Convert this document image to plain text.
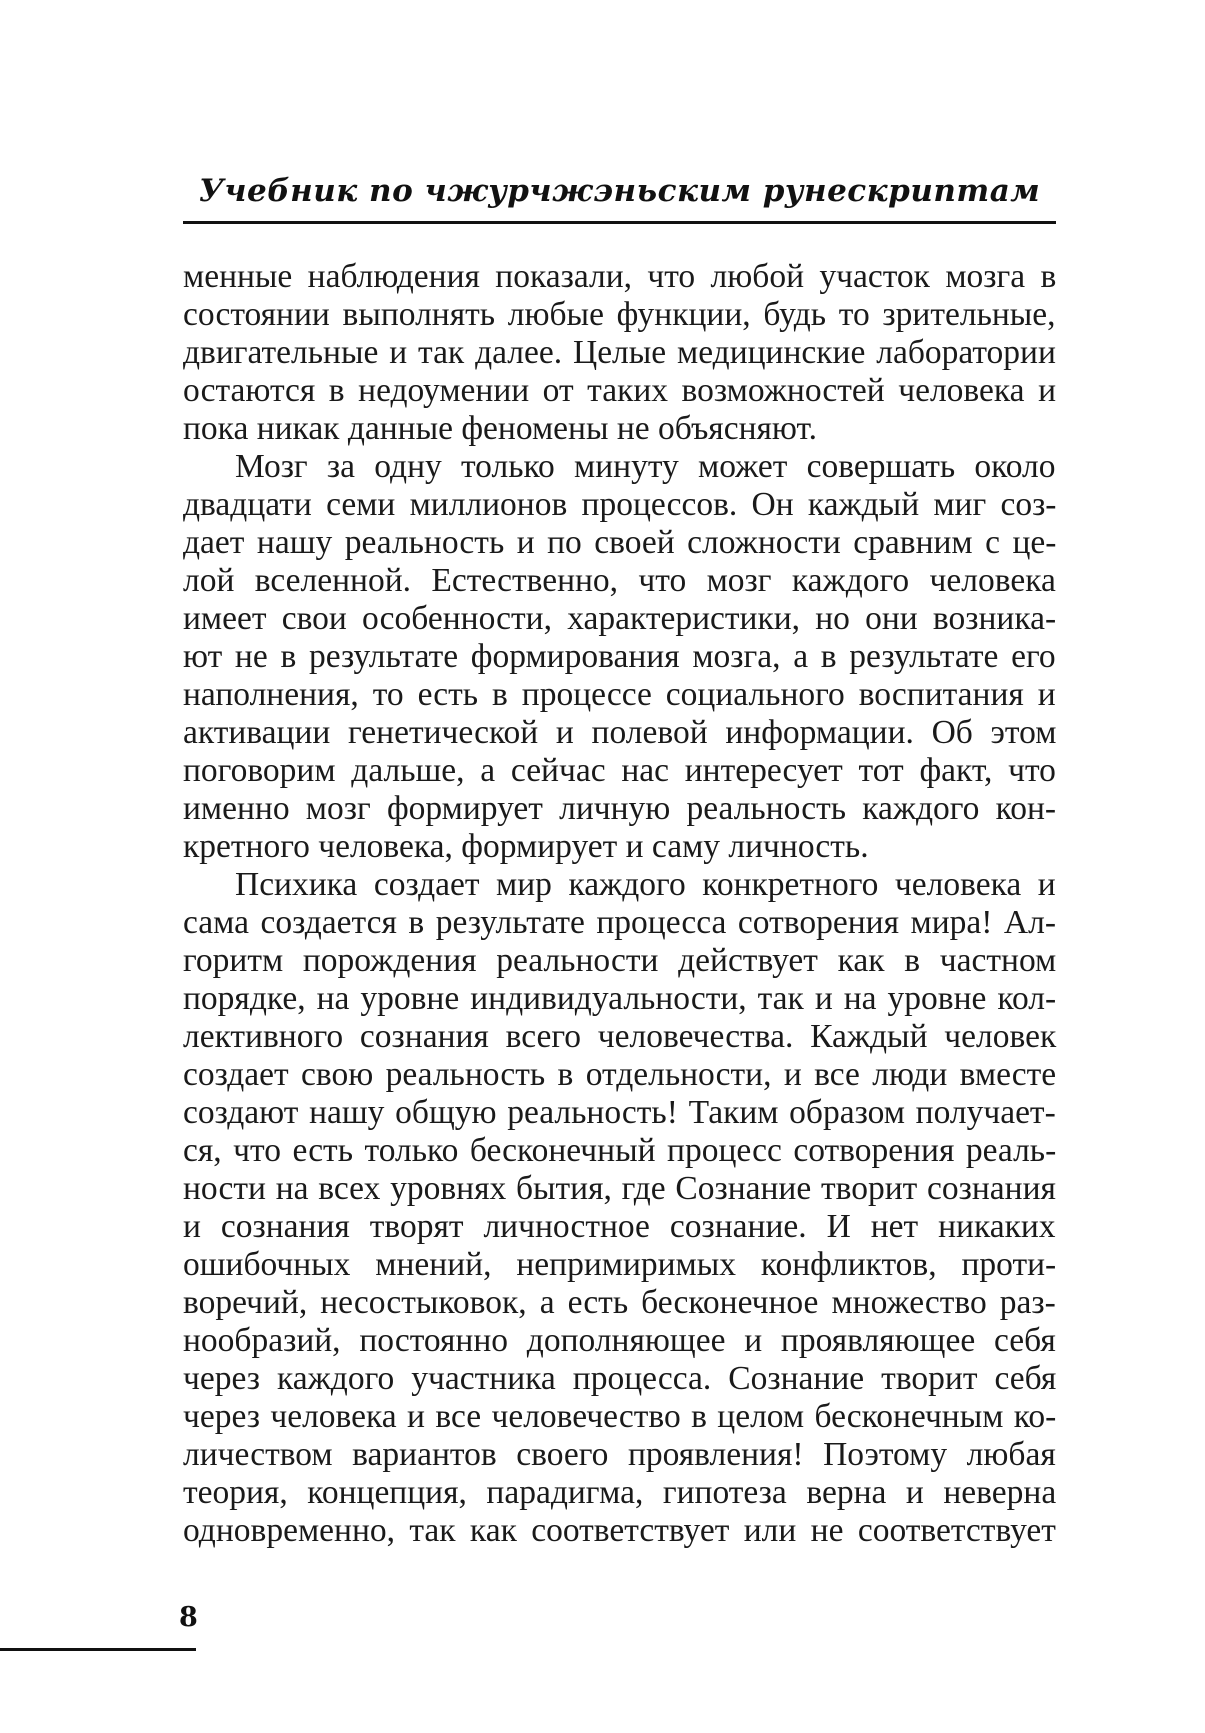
Учебник по чжурчжэньским рунескриптам
менные наблюдения показали, что любой участок мозга в
состоянии выполнять любые функции, будь то зрительные,
двигательные и так далее. Целые медицинские лаборатории
остаются в недоумении от таких возможностей человека и
пока никак данные феномены не объясняют.
Мозг за одну только минуту может совершать около
двадцати семи миллионов процессов. Он каждый миг соз-
дает нашу реальность и по своей сложности сравним с це-
лой вселенной. Естественно, что мозг каждого человека
имеет свои особенности, характеристики, но они возника-
ют не в результате формирования мозга, а в результате его
наполнения, то есть в процессе социального воспитания и
активации генетической и полевой информации. Об этом
поговорим дальше, а сейчас нас интересует тот факт, что
именно мозг формирует личную реальность каждого кон-
кретного человека, формирует и саму личность.
Психика создает мир каждого конкретного человека и
сама создается в результате процесса сотворения мира! Ал-
горитм порождения реальности действует как в частном
порядке, на уровне индивидуальности, так и на уровне кол-
лективного сознания всего человечества. Каждый человек
создает свою реальность в отдельности, и все люди вместе
создают нашу общую реальность! Таким образом получает-
ся, что есть только бесконечный процесс сотворения реаль-
ности на всех уровнях бытия, где Сознание творит сознания
и сознания творят личностное сознание. И нет никаких
ошибочных мнений, непримиримых конфликтов, проти-
воречий, несостыковок, а есть бесконечное множество раз-
нообразий, постоянно дополняющее и проявляющее себя
через каждого участника процесса. Сознание творит себя
через человека и все человечество в целом бесконечным ко-
личеством вариантов своего проявления! Поэтому любая
теория, концепция, парадигма, гипотеза верна и неверна
одновременно, так как соответствует или не соответствует
8
